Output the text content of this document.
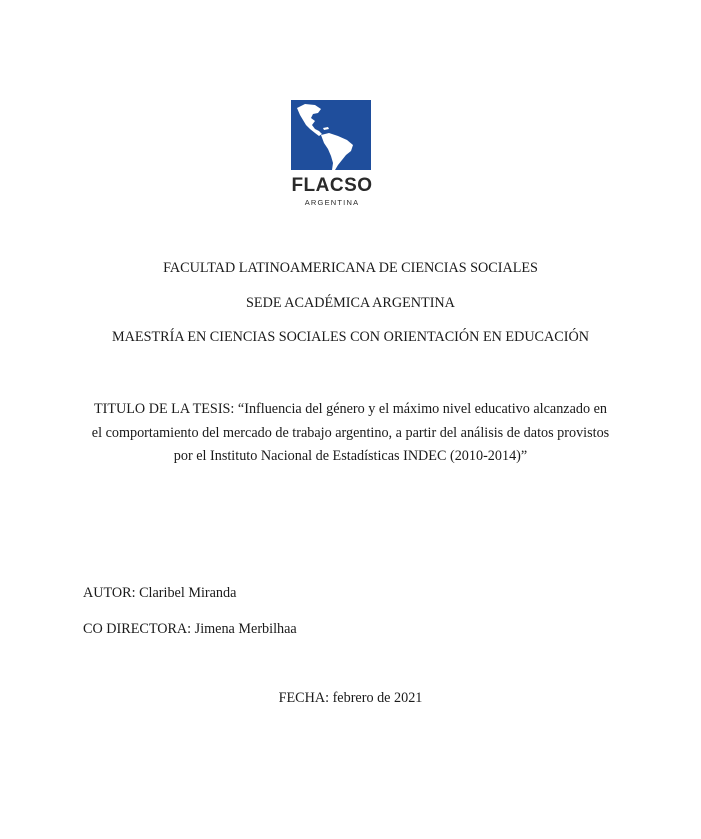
FLACSO
ARGENTINA
FACULTAD LATINOAMERICANA DE CIENCIAS SOCIALES
SEDE ACADÉMICA ARGENTINA
MAESTRÍA EN CIENCIAS SOCIALES CON ORIENTACIÓN EN EDUCACIÓN
TITULO DE LA TESIS: “Influencia del género y el máximo nivel educativo alcanzado en
el comportamiento del mercado de trabajo argentino, a partir del análisis de datos provistos
por el Instituto Nacional de Estadísticas INDEC (2010-2014)”
AUTOR: Claribel Miranda
CO DIRECTORA: Jimena Merbilhaa
FECHA: febrero de 2021
